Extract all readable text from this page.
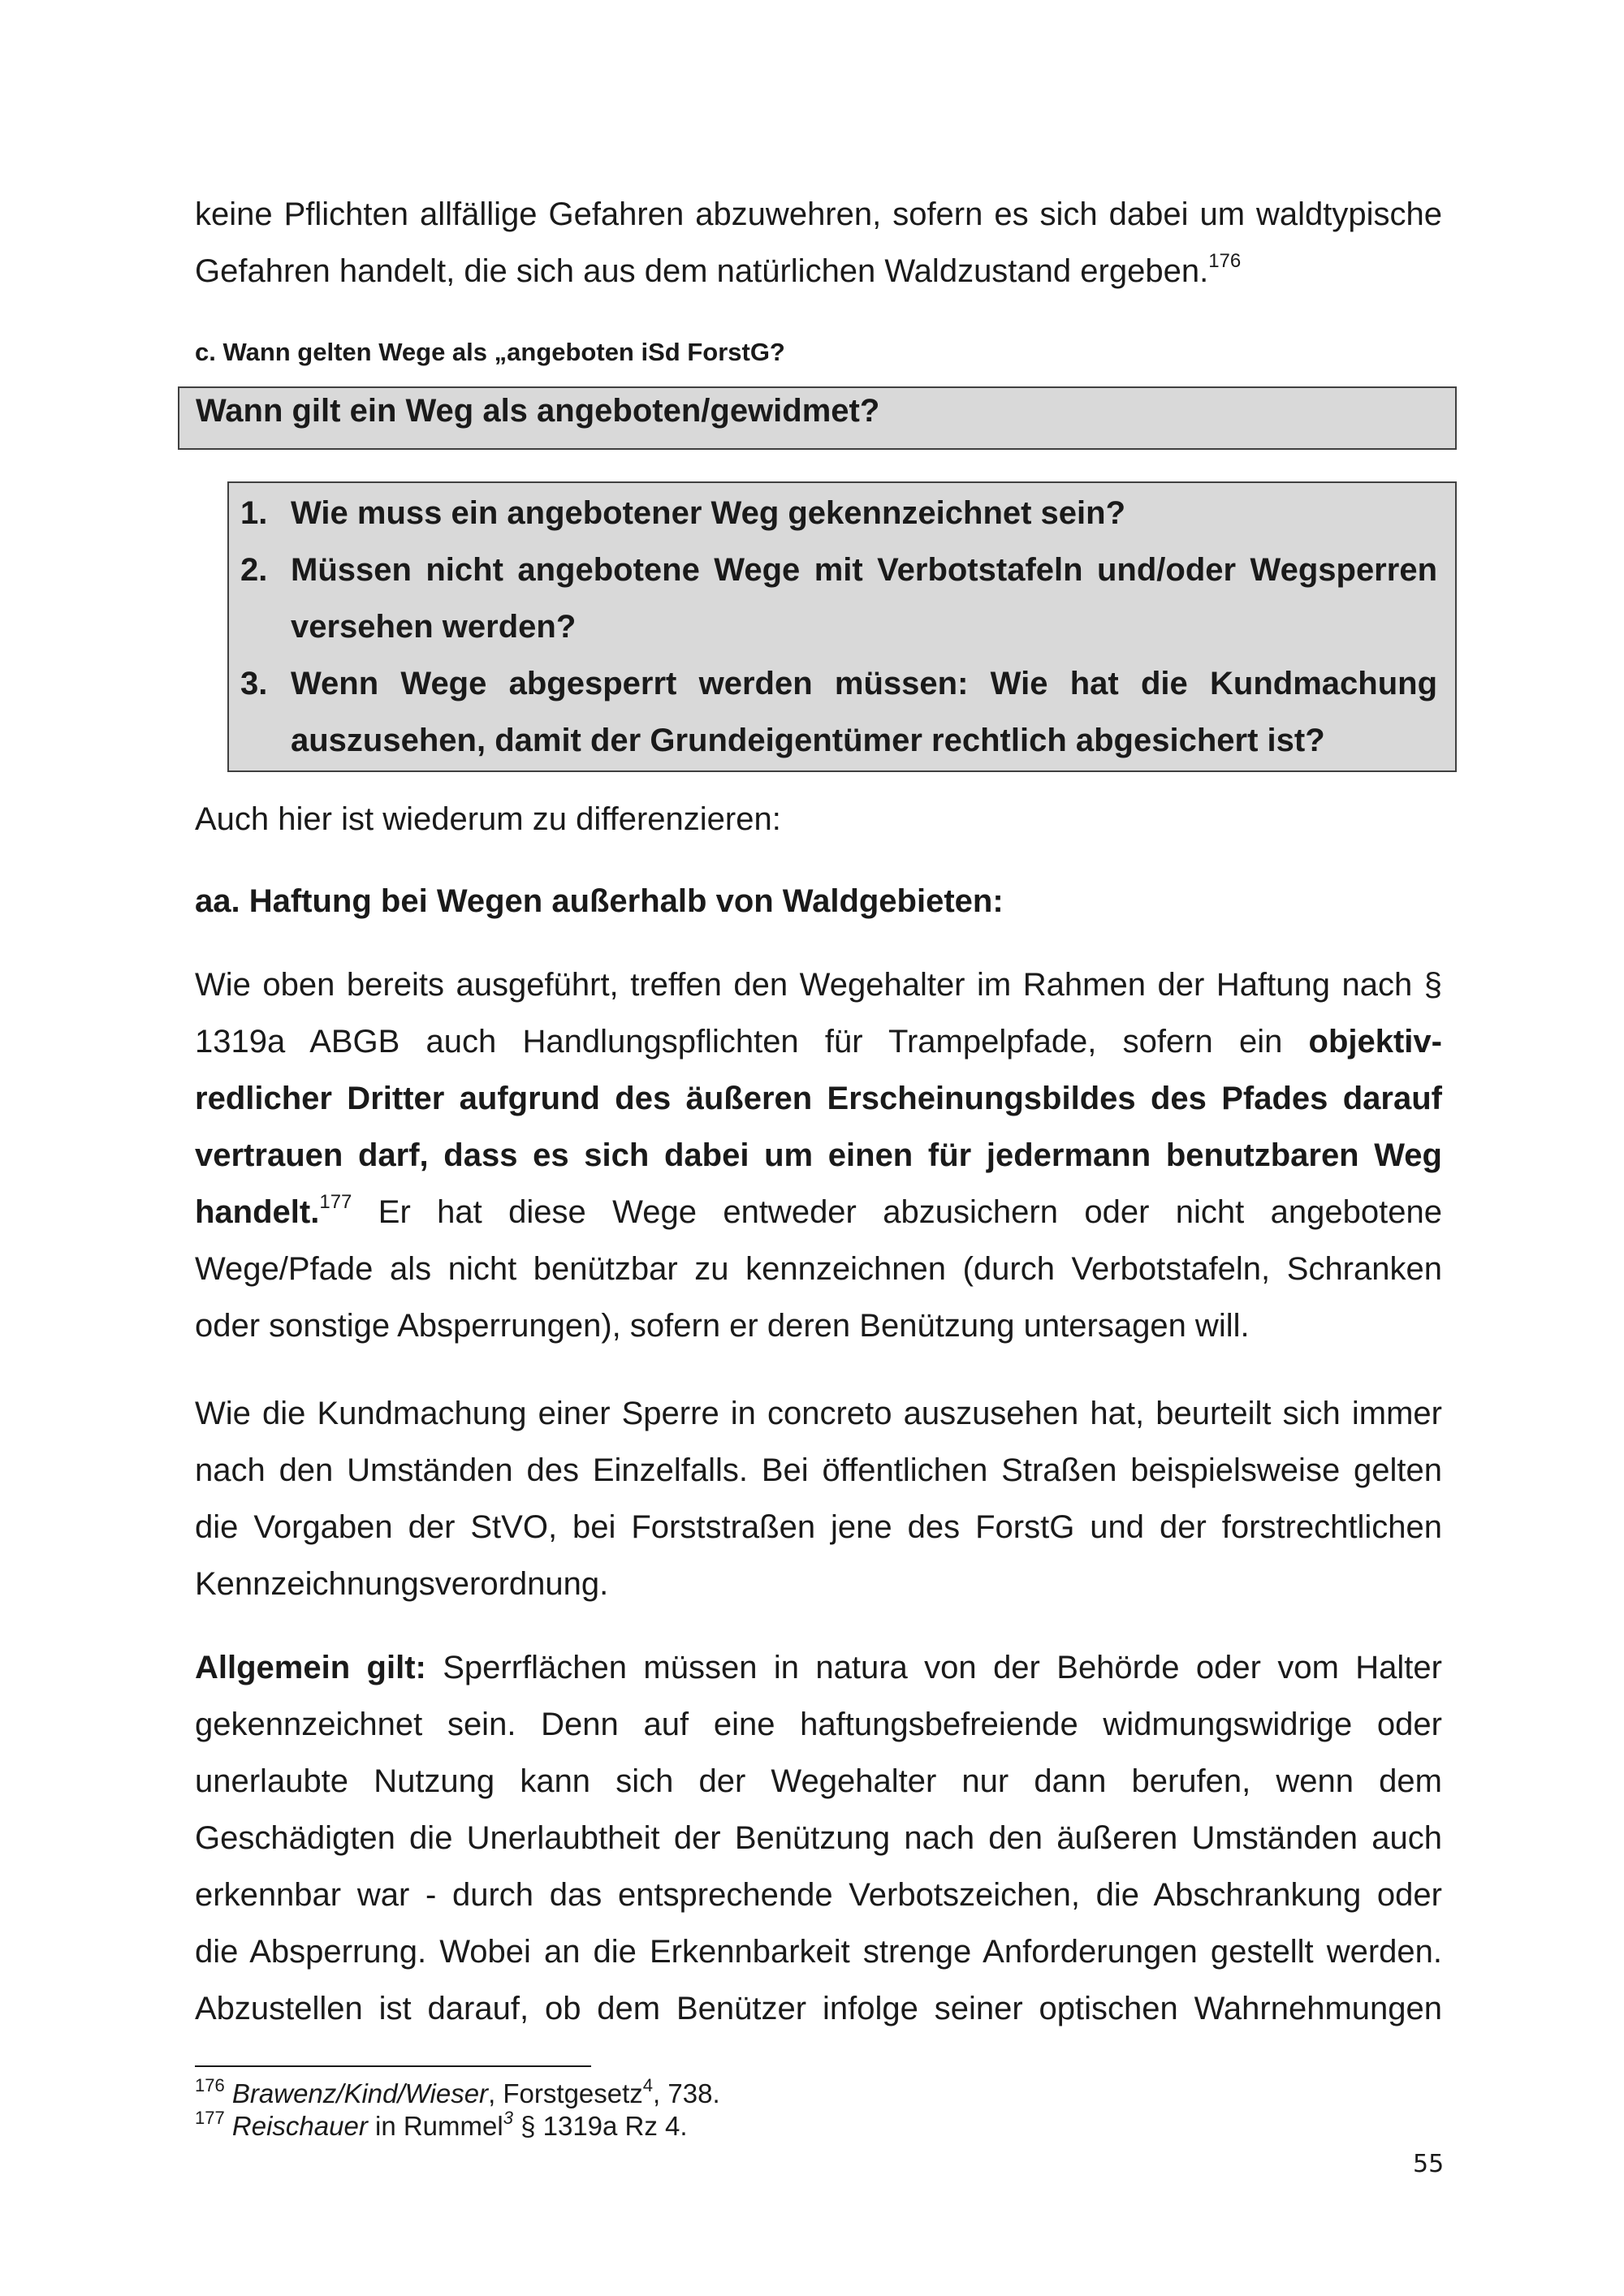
keine Pflichten allfällige Gefahren abzuwehren, sofern es sich dabei um waldtypische
Gefahren handelt, die sich aus dem natürlichen Waldzustand ergeben.$^{176}$
c. Wann gelten Wege als „angeboten iSd ForstG?
Wann gilt ein Weg als angeboten/gewidmet?
1. Wie muss ein angebotener Weg gekennzeichnet sein?
2. Müssen nicht angebotene Wege mit Verbotstafeln und/oder Wegsperren
versehen werden?
3. Wenn Wege abgesperrt werden müssen: Wie hat die Kundmachung
auszusehen, damit der Grundeigentümer rechtlich abgesichert ist?
Auch hier ist wiederum zu differenzieren:
aa. Haftung bei Wegen außerhalb von Waldgebieten:
Wie oben bereits ausgeführt, treffen den Wegehalter im Rahmen der Haftung nach §
1319a ABGB auch Handlungspflichten für Trampelpfade, sofern ein objektiv-
redlicher Dritter aufgrund des äußeren Erscheinungsbildes des Pfades darauf
vertrauen darf, dass es sich dabei um einen für jedermann benutzbaren Weg
handelt.$^{177}$ Er hat diese Wege entweder abzusichern oder nicht angebotene
Wege/Pfade als nicht benützbar zu kennzeichnen (durch Verbotstafeln, Schranken
oder sonstige Absperrungen), sofern er deren Benützung untersagen will.
Wie die Kundmachung einer Sperre in concreto auszusehen hat, beurteilt sich immer
nach den Umständen des Einzelfalls. Bei öffentlichen Straßen beispielsweise gelten
die Vorgaben der StVO, bei Forststraßen jene des ForstG und der forstrechtlichen
Kennzeichnungsverordnung.
Allgemein gilt: Sperrflächen müssen in natura von der Behörde oder vom Halter
gekennzeichnet sein. Denn auf eine haftungsbefreiende widmungswidrige oder
unerlaubte Nutzung kann sich der Wegehalter nur dann berufen, wenn dem
Geschädigten die Unerlaubtheit der Benützung nach den äußeren Umständen auch
erkennbar war - durch das entsprechende Verbotszeichen, die Abschrankung oder
die Absperrung. Wobei an die Erkennbarkeit strenge Anforderungen gestellt werden.
Abzustellen ist darauf, ob dem Benützer infolge seiner optischen Wahrnehmungen
$^{176}$ Brawenz/Kind/Wieser, Forstgesetz$^4$, 738.
$^{177}$ Reischauer in Rummel$^3$ § 1319a Rz 4.
55
